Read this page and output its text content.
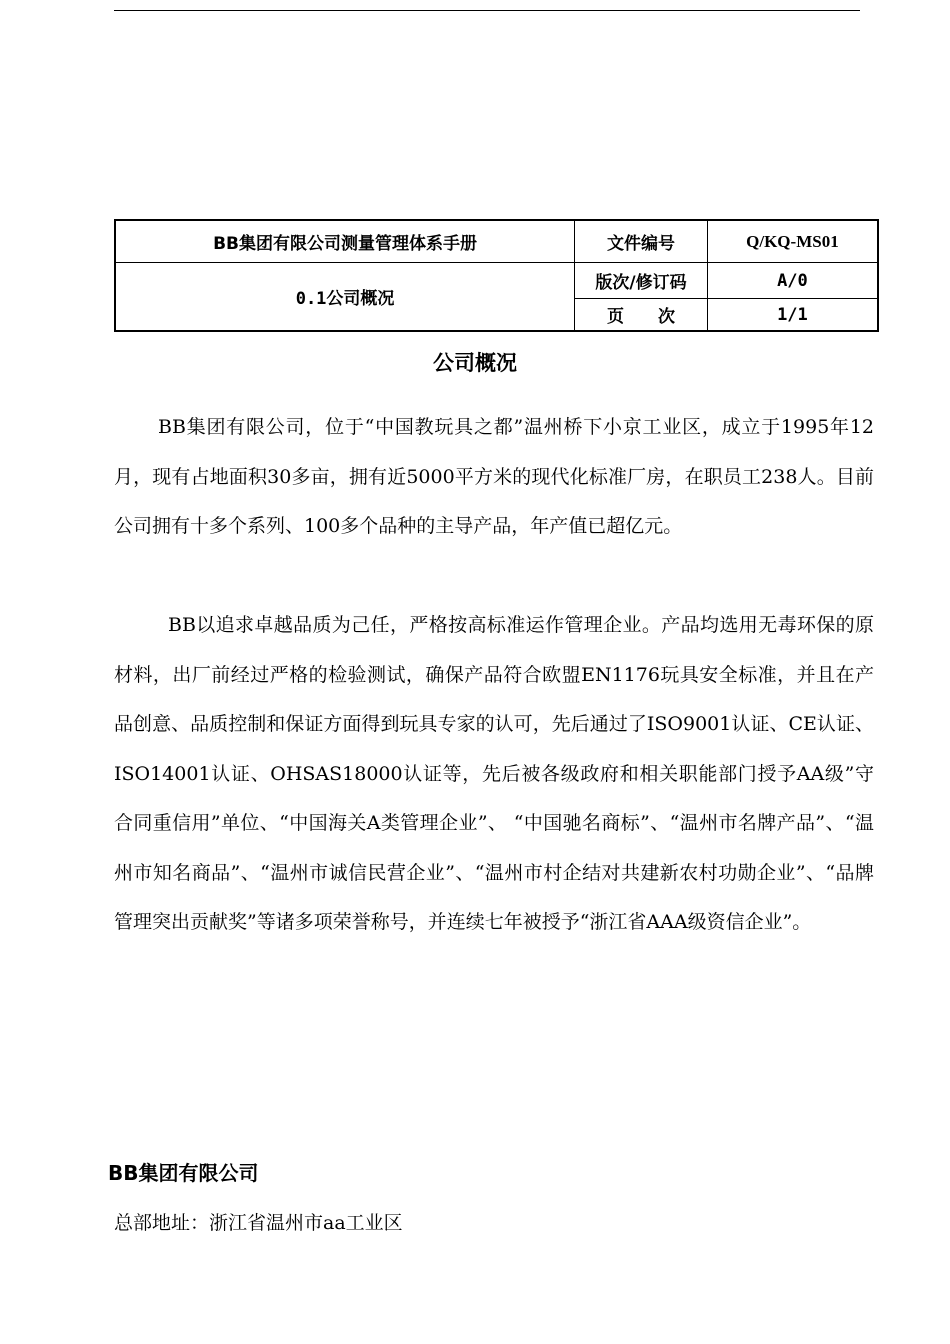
BB集团有限公司测量管理体系手册	文件编号	Q/KQ-MS01
0.1公司概况	版次/修订码	A/0
	页　　次	1/1
公司概况

BB集团有限公司，位于“中国教玩具之都”温州桥下小京工业区，成立于1995年12月，现有占地面积30多亩，拥有近5000平方米的现代化标准厂房，在职员工238人。目前公司拥有十多个系列、100多个品种的主导产品，年产值已超亿元。

BB以追求卓越品质为己任，严格按高标准运作管理企业。产品均选用无毒环保的原材料，出厂前经过严格的检验测试，确保产品符合欧盟EN1176玩具安全标准，并且在产品创意、品质控制和保证方面得到玩具专家的认可，先后通过了ISO9001认证、CE认证、ISO14001认证、OHSAS18000认证等，先后被各级政府和相关职能部门授予AA级”守合同重信用”单位、“中国海关A类管理企业”、 “中国驰名商标”、“温州市名牌产品”、“温州市知名商品”、“温州市诚信民营企业”、“温州市村企结对共建新农村功勋企业”、“品牌管理突出贡献奖”等诸多项荣誉称号，并连续七年被授予“浙江省AAA级资信企业”。

BB集团有限公司
总部地址：浙江省温州市aa工业区
